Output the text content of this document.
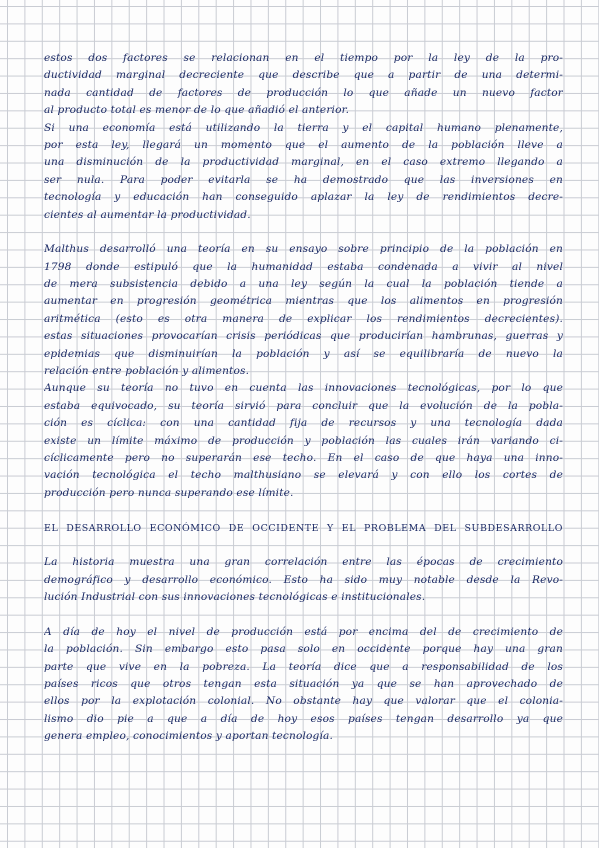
estos dos factores se relacionan en el tiempo por la ley de la pro-
ductividad marginal decreciente que describe que a partir de una determi-
nada cantidad de factores de producción lo que añade un nuevo factor
al producto total es menor de lo que añadió el anterior.
Si una economía está utilizando la tierra y el capital humano plenamente,
por esta ley, llegará un momento que el aumento de la población lleve a
una disminución de la productividad marginal, en el caso extremo llegando a
ser nula. Para poder evitarla se ha demostrado que las inversiones en
tecnología y educación han conseguido aplazar la ley de rendimientos decre-
cientes al aumentar la productividad.
Malthus desarrolló una teoría en su ensayo sobre principio de la población en
1798 donde estipuló que la humanidad estaba condenada a vivir al nivel
de mera subsistencia debido a una ley según la cual la población tiende a
aumentar en progresión geométrica mientras que los alimentos en progresión
aritmética (esto es otra manera de explicar los rendimientos decrecientes).
estas situaciones provocarían crisis periódicas que producirían hambrunas, guerras y
epidemias que disminuirían la población y así se equilibraría de nuevo la
relación entre población y alimentos.
Aunque su teoría no tuvo en cuenta las innovaciones tecnológicas, por lo que
estaba equivocado, su teoría sirvió para concluir que la evolución de la pobla-
ción es cíclica: con una cantidad fija de recursos y una tecnología dada
existe un límite máximo de producción y población las cuales irán variando ci-
cíclicamente pero no superarán ese techo. En el caso de que haya una inno-
vación tecnológica el techo malthusiano se elevará y con ello los cortes de
producción pero nunca superando ese límite.
EL DESARROLLO ECONÓMICO DE OCCIDENTE Y EL PROBLEMA DEL SUBDESARROLLO
La historia muestra una gran correlación entre las épocas de crecimiento
demográfico y desarrollo económico. Esto ha sido muy notable desde la Revo-
lución Industrial con sus innovaciones tecnológicas e institucionales.
A día de hoy el nivel de producción está por encima del de crecimiento de
la población. Sin embargo esto pasa solo en occidente porque hay una gran
parte que vive en la pobreza. La teoría dice que a responsabilidad de los
países ricos que otros tengan esta situación ya que se han aprovechado de
ellos por la explotación colonial. No obstante hay que valorar que el colonia-
lismo dio pie a que a día de hoy esos países tengan desarrollo ya que
genera empleo, conocimientos y aportan tecnología.
